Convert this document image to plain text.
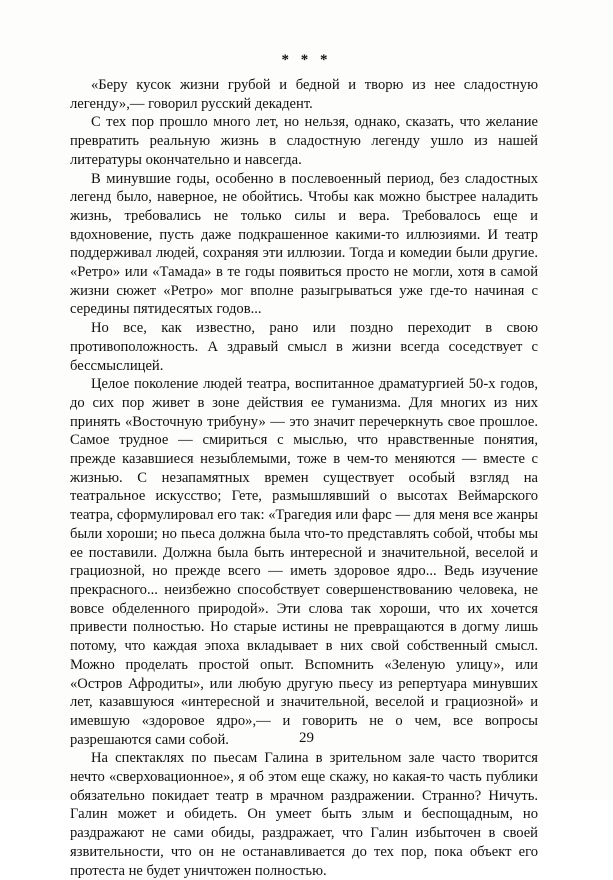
* * *

«Беру кусок жизни грубой и бедной и творю из нее сладостную легенду»,— говорил русский декадент.

С тех пор прошло много лет, но нельзя, однако, сказать, что желание превратить реальную жизнь в сладостную легенду ушло из нашей литературы окончательно и навсегда.

В минувшие годы, особенно в послевоенный период, без сладостных легенд было, наверное, не обойтись. Чтобы как можно быстрее наладить жизнь, требовались не только силы и вера. Требовалось еще и вдохновение, пусть даже подкрашенное какими-то иллюзиями. И театр поддерживал людей, сохраняя эти иллюзии. Тогда и комедии были другие. «Ретро» или «Тамада» в те годы появиться просто не могли, хотя в самой жизни сюжет «Ретро» мог вполне разыгрываться уже где-то начиная с середины пятидесятых годов...

Но все, как известно, рано или поздно переходит в свою противоположность. А здравый смысл в жизни всегда соседствует с бессмыслицей.

Целое поколение людей театра, воспитанное драматургией 50-х годов, до сих пор живет в зоне действия ее гуманизма. Для многих из них принять «Восточную трибуну» — это значит перечеркнуть свое прошлое. Самое трудное — смириться с мыслью, что нравственные понятия, прежде казавшиеся незыблемыми, тоже в чем-то меняются — вместе с жизнью. С незапамятных времен существует особый взгляд на театральное искусство; Гете, размышлявший о высотах Веймарского театра, сформулировал его так: «Трагедия или фарс — для меня все жанры были хороши; но пьеса должна была что-то представлять собой, чтобы мы ее поставили. Должна была быть интересной и значительной, веселой и грациозной, но прежде всего — иметь здоровое ядро... Ведь изучение прекрасного... неизбежно способствует совершенствованию человека, не вовсе обделенного природой». Эти слова так хороши, что их хочется привести полностью. Но старые истины не превращаются в догму лишь потому, что каждая эпоха вкладывает в них свой собственный смысл. Можно проделать простой опыт. Вспомнить «Зеленую улицу», или «Остров Афродиты», или любую другую пьесу из репертуара минувших лет, казавшуюся «интересной и значительной, веселой и грациозной» и имевшую «здоровое ядро»,— и говорить не о чем, все вопросы разрешаются сами собой.

На спектаклях по пьесам Галина в зрительном зале часто творится нечто «сверховационное», я об этом еще скажу, но какая-то часть публики обязательно покидает театр в мрачном раздражении. Странно? Ничуть. Галин может и обидеть. Он умеет быть злым и беспощадным, но раздражают не сами обиды, раздражает, что Галин избыточен в своей язвительности, что он не останавливается до тех пор, пока объект его протеста не будет уничтожен полностью.

29
